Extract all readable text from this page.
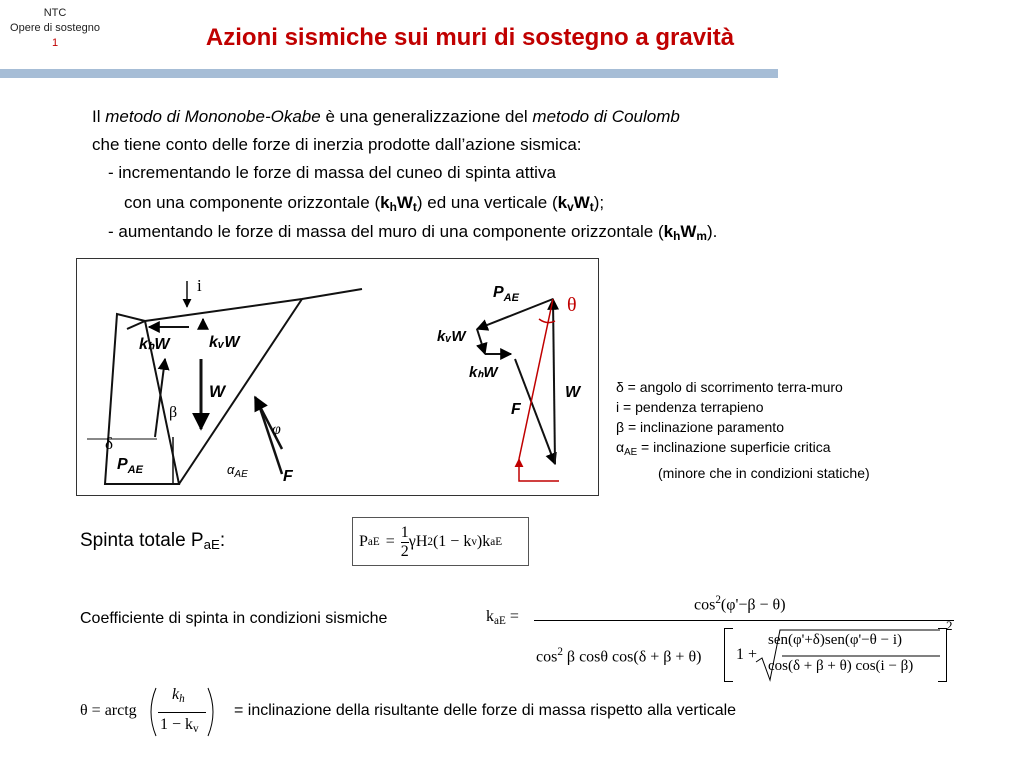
NTC
Opere di sostegno
1	Azioni sismiche sui muri di sostegno a gravità
Il metodo di Mononobe-Okabe è una generalizzazione del metodo di Coulomb
che tiene conto delle forze di inerzia prodotte dall’azione sismica:
- incrementando le forze di massa del cuneo di spinta attiva
con una componente orizzontale $(k_hW_t)$ ed una verticale $(k_vW_t)$;
- aumentando le forze di massa del muro di una componente orizzontale $(k_hW_m)$.
i
kₕW kᵥW
W
β
δ
$P_{AE}$
φ
$\alpha_{AE}$ F
$P_{AE}$
kᵥW
kₕW
F
W
θ
δ = angolo di scorrimento terra-muro
i = pendenza terrapieno
β = inclinazione paramento
$\alpha_{AE}$ = inclinazione superficie critica
(minore che in condizioni statiche)
Spinta totale $P_{aE}$:	P aE = $\frac{1}{2}$ γH 2 (1 − k v )k aE
Coefficiente di spinta in condizioni sismiche	$k_{aE}$ =
$\cos^2(\varphi'-\beta - \theta)$
$\cos^2 \beta$ cosθ cos(δ + β + θ)
2
1 +
sen(φ'+δ)sen(φ'−θ − i)
cos(δ + β + θ) cos(i − β)
θ = arctg
$k_h$
$1 - k_v$
= inclinazione della risultante delle forze di massa rispetto alla verticale
